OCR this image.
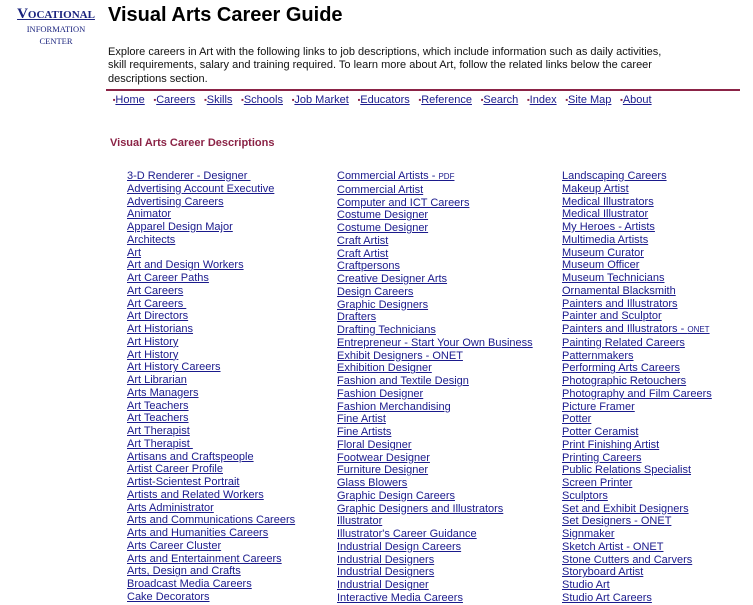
Vocational
INFORMATION CENTER
Visual Arts Career Guide

Explore careers in Art with the following links to job descriptions, which include information such as daily activities, skill requirements, salary and training required. To learn more about Art, follow the related links below the career descriptions section.

■Home ■Careers ■Skills ■Schools ■Job Market ■Educators ■Reference ■Search ■Index ■Site Map ■About
Visual Arts Career Descriptions
3-D Renderer - Designer
Advertising Account Executive
Advertising Careers
Animator
Apparel Design Major
Architects
Art
Art and Design Workers
Art Career Paths
Art Careers
Art Careers
Art Directors
Art Historians
Art History
Art History
Art History Careers
Art Librarian
Arts Managers
Art Teachers
Art Teachers
Art Therapist
Art Therapist
Artisans and Craftspeople
Artist Career Profile
Artist-Scientest Portrait
Artists and Related Workers
Arts Administrator
Arts and Communications Careers
Arts and Humanities Careers
Arts Career Cluster
Arts and Entertainment Careers
Arts, Design and Crafts
Broadcast Media Careers
Cake Decorators
Commercial Artists - PDF
Commercial Artist
Computer and ICT Careers
Costume Designer
Costume Designer
Craft Artist
Craft Artist
Craftpersons
Creative Designer Arts
Design Careers
Graphic Designers
Drafters
Drafting Technicians
Entrepreneur - Start Your Own Business
Exhibit Designers - ONET
Exhibition Designer
Fashion and Textile Design
Fashion Designer
Fashion Merchandising
Fine Artist
Fine Artists
Floral Designer
Footwear Designer
Furniture Designer
Glass Blowers
Graphic Design Careers
Graphic Designers and Illustrators
Illustrator
Illustrator's Career Guidance
Industrial Design Careers
Industrial Designers
Industrial Designers
Industrial Designer
Interactive Media Careers
Landscaping Careers
Makeup Artist
Medical Illustrators
Medical Illustrator
My Heroes - Artists
Multimedia Artists
Museum Curator
Museum Officer
Museum Technicians
Ornamental Blacksmith
Painters and Illustrators
Painter and Sculptor
Painters and Illustrators - ONET
Painting Related Careers
Patternmakers
Performing Arts Careers
Photographic Retouchers
Photography and Film Careers
Picture Framer
Potter
Potter Ceramist
Print Finishing Artist
Printing Careers
Public Relations Specialist
Screen Printer
Sculptors
Set and Exhibit Designers
Set Designers - ONET
Signmaker
Sketch Artist - ONET
Stone Cutters and Carvers
Storyboard Artist
Studio Art
Studio Art Careers
